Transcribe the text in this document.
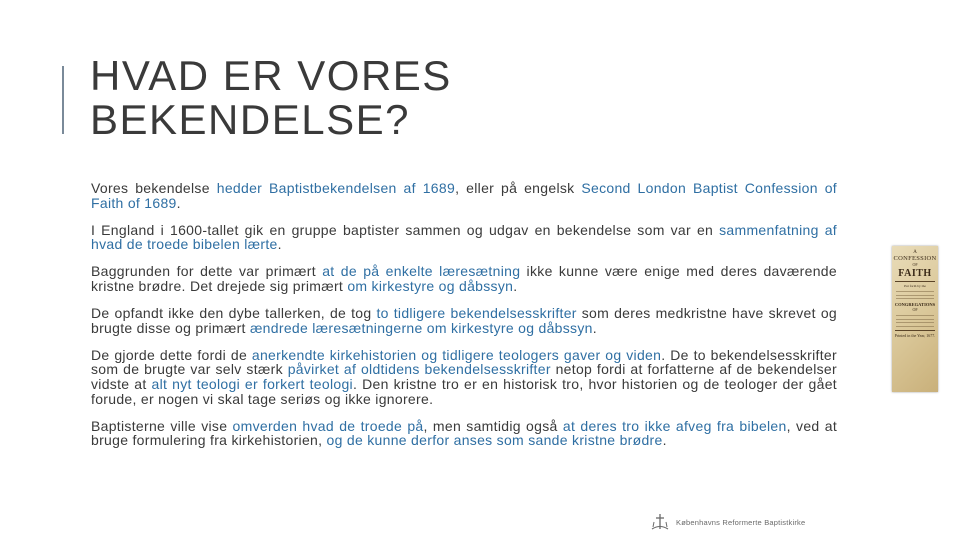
HVAD ER VORES
BEKENDELSE?

Vores bekendelse hedder Baptistbekendelsen af 1689, eller på engelsk Second London Baptist Confession of Faith of 1689.

I England i 1600-tallet gik en gruppe baptister sammen og udgav en bekendelse som var en sammenfatning af hvad de troede bibelen lærte.

Baggrunden for dette var primært at de på enkelte læresætning ikke kunne være enige med deres daværende kristne brødre. Det drejede sig primært om kirkestyre og dåbssyn.

De opfandt ikke den dybe tallerken, de tog to tidligere bekendelsesskrifter som deres medkristne have skrevet og brugte disse og primært ændrede læresætningerne om kirkestyre og dåbssyn.

De gjorde dette fordi de anerkendte kirkehistorien og tidligere teologers gaver og viden. De to bekendelsesskrifter som de brugte var selv stærk påvirket af oldtidens bekendelsesskrifter netop fordi at forfatterne af de bekendelser vidste at alt nyt teologi er forkert teologi. Den kristne tro er en historisk tro, hvor historien og de teologer der gået forude, er nogen vi skal tage seriøs og ikke ignorere.

Baptisterne ville vise omverden hvad de troede på, men samtidig også at deres tro ikke afveg fra bibelen, ved at bruge formulering fra kirkehistorien, og de kunne derfor anses som sande kristne brødre.

A
CONFESSION
OF
FAITH
Put forth by the
CONGREGATIONS
OF
Printed in the Year, 1677.
Københavns Reformerte Baptistkirke
